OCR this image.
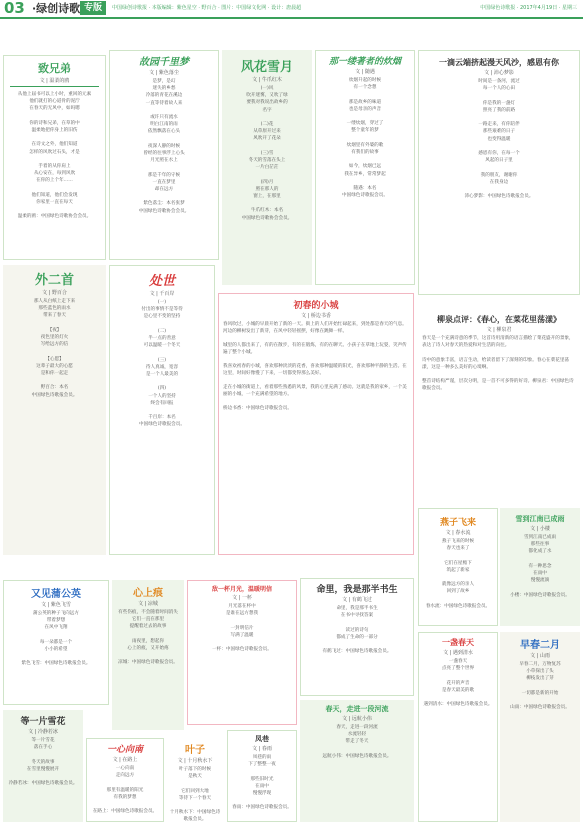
03 ·绿创诗歌 专版	中国绿创诗歌报 · 本版编辑：紫色星空 · 野百合 · 图片：中国绿文化网 · 设计：唐晨超	中国绿色诗歌报 · 2017年4月19日 · 星期三
致兄弟
文 | 温柔的鸥
从他上届书可以上小时，重回的元素
他们就打的心道骨的泥泞
在春天的无风中，如吗嗯

你的诗和兄弟，在草的中
温柔地把你身上的旧伤

在诗文之外，他们知道
怎样的风吹过石头，才是

手着的从你肩上
从心安在，每到风吹
在你的上个年……

他们知道，他们会发现
你家里一直在每天

温柔的鸥：中国绿色诗歌协会会员。
故园千里梦
文 | 紫色落尘
是梦，是幻
迷失的乡愁
冷落的青花在溪边
一直等待着故人来

或许只有流水
明白江南的雨
依然飘落在心头

夜深人静的时候
曾经的往事浮上心头
月光照在水上

那是千年的守候
一直在梦里
却在远方

紫色落尘：本名张梦
中国绿色诗歌协会会员。
风花雪月
文 | 牛爪红木
(一)风
吹开迷雾，又吹了绿
要我对我说出故乡的
名字

(二)花
从草原开过来
风吹开了花朵

(三)雪
冬天的雪落在头上
一片白茫茫

(四)月
照在那人的
窗上，在那里

牛爪红木：本名
中国绿色诗歌协会会员。
那一缕著者的炊烟
文 | 随遇
炊烟升起的时候
有一个念想

那是故乡的味道
也是母亲的声音

一缕炊烟，穿过了
整个童年的梦

炊烟里有外婆的歌
有我们的故事

如今，炊烟已远
我在异乡，常常梦起

随遇：本名
中国绿色诗歌报会员。
一滴云端挤起漫天风沙，感恩有你
文 | 沛心梦影
时间是一条河，流过
每一个人的心田

你是我的一盏灯
照亮了我的前路

一路走来，有你陪伴
那些艰难的日子
也变得温暖

感恩有你，在每一个
风起的日子里

我的朋友，谢谢你
在我身边

沛心梦影：中国绿色诗歌报会员。
外二首
文 | 野百合
那人从白纸上走下来
那些蓝色的雨水
带来了春天

【夜】
夜色里的灯火
写给远方的信

【心愿】
这辈子最大的心愿
是和你一起走

野百合：本名
中国绿色诗歌报会员。
处世
文 | 千百岸
(一)
付出的事情不是等待
是心里不变的坚持

(二)
半一点的善意
可以温暖一个冬天

(三)
待人真诚，宽容
是一个人最美的

(四)
一个人的坚持
终会有回报

千百岸：本名
中国绿色诗歌报会员。
初春的小城
文 | 桥边书香
春风吹过，小城的早晨开始了新的一天。街上的人们开始忙碌起来，到处都是春天的气息。河边的柳树发出了新芽，在风中轻轻摇摆，好像在跳舞一样。

城里的人都出来了，有的在散步，有的在锻炼，有的在聊天。小孩子在草地上玩耍，笑声传遍了整个小城。

我喜欢初春的小城，喜欢那种淡淡的花香，喜欢那种温暖的阳光，喜欢那种平静的生活。在这里，时间好像慢了下来，一切都变得那么美好。

走在小城的街道上，看着那些熟悉的风景，我的心里充满了感动。这就是我的家乡，一个美丽的小城，一个充满希望的地方。

桥边书香：中国绿色诗歌报会员。
柳泉点评：《春心，在菜花里荡漾》
文 | 柳泉君
春天是一个充满诗意的季节，这首诗用清新的语言描绘了菜花盛开的景象，表达了诗人对春天的热爱和对生活的向往。

诗中的意象丰富，语言生动，给读者留下了深刻的印象。春心在菜花里荡漾，这是一种多么美好的心境啊。

整首诗结构严谨，层次分明，是一首不可多得的好诗。柳泉君：中国绿色诗歌报会员。
燕子飞来
文 | 春水流
燕子飞来的时候
春天也来了

它们在屋檐下
筑起了新家

就像远方的亲人
回到了故乡

春水流：中国绿色诗歌报会员。
雪到江南已成雨
文 | 小楼
雪到江南已成雨
那些往事
都化成了水

有一种思念
在雨中
慢慢流淌

小楼：中国绿色诗歌报会员。
又见蒲公英
文 | 紫色飞雪
蒲公英的种子飞向远方
带着梦想
在风中飞翔

每一朵都是一个
小小的希望

紫色飞雪：中国绿色诗歌报会员。
心上痕
文 | 凉城
有些伤痕，不会随着时间消失
它们一直在那里
提醒着过去的故事

雨夜里，想起你
心上的痕，又开始疼

凉城：中国绿色诗歌报会员。
敌一杯月光，温暖明信
文 | 一杯
月光落在杯中
是谁在远方想我

一封明信片
写满了温暖

一杯：中国绿色诗歌报会员。
命里，我是那半书生
文 | 有鹤飞过
命里，我是那半书生
在书中寻找答案

读过的诗句
都成了生命的一部分

有鹤飞过：中国绿色诗歌报会员。
一盏春天
文 | 遇到清水
一盏春天
点亮了整个世界

花开的声音
是春天最美的歌

遇到清水：中国绿色诗歌报会员。
早春二月
文 | 山雨
早春二月，万物复苏
小草探出了头
柳枝发出了芽

一切都是新的开始

山雨：中国绿色诗歌报会员。
等一片雪花
文 | 冷静若冰
等一片雪花
落在手心

冬天的故事
在雪里慢慢展开

冷静若冰：中国绿色诗歌报会员。
一心向南
文 | 在路上
一心向南
走向远方

那里有温暖的阳光
有我的梦想

在路上：中国绿色诗歌报会员。
叶子
文 | 十月秋水下
叶子落下的时候
是秋天

它们回到大地
等待下一个春天

十月秋水下：中国绿色诗歌报会员。
凤巷
文 | 春雨
凤巷的雨
下了整整一夜

那些旧时光
在雨中
慢慢浮现

春雨：中国绿色诗歌报会员。
春天，走进一段河流
文 | 远航小伟
春天，走进一段河流
水流轻轻
带走了冬天

远航小伟：中国绿色诗歌报会员。
